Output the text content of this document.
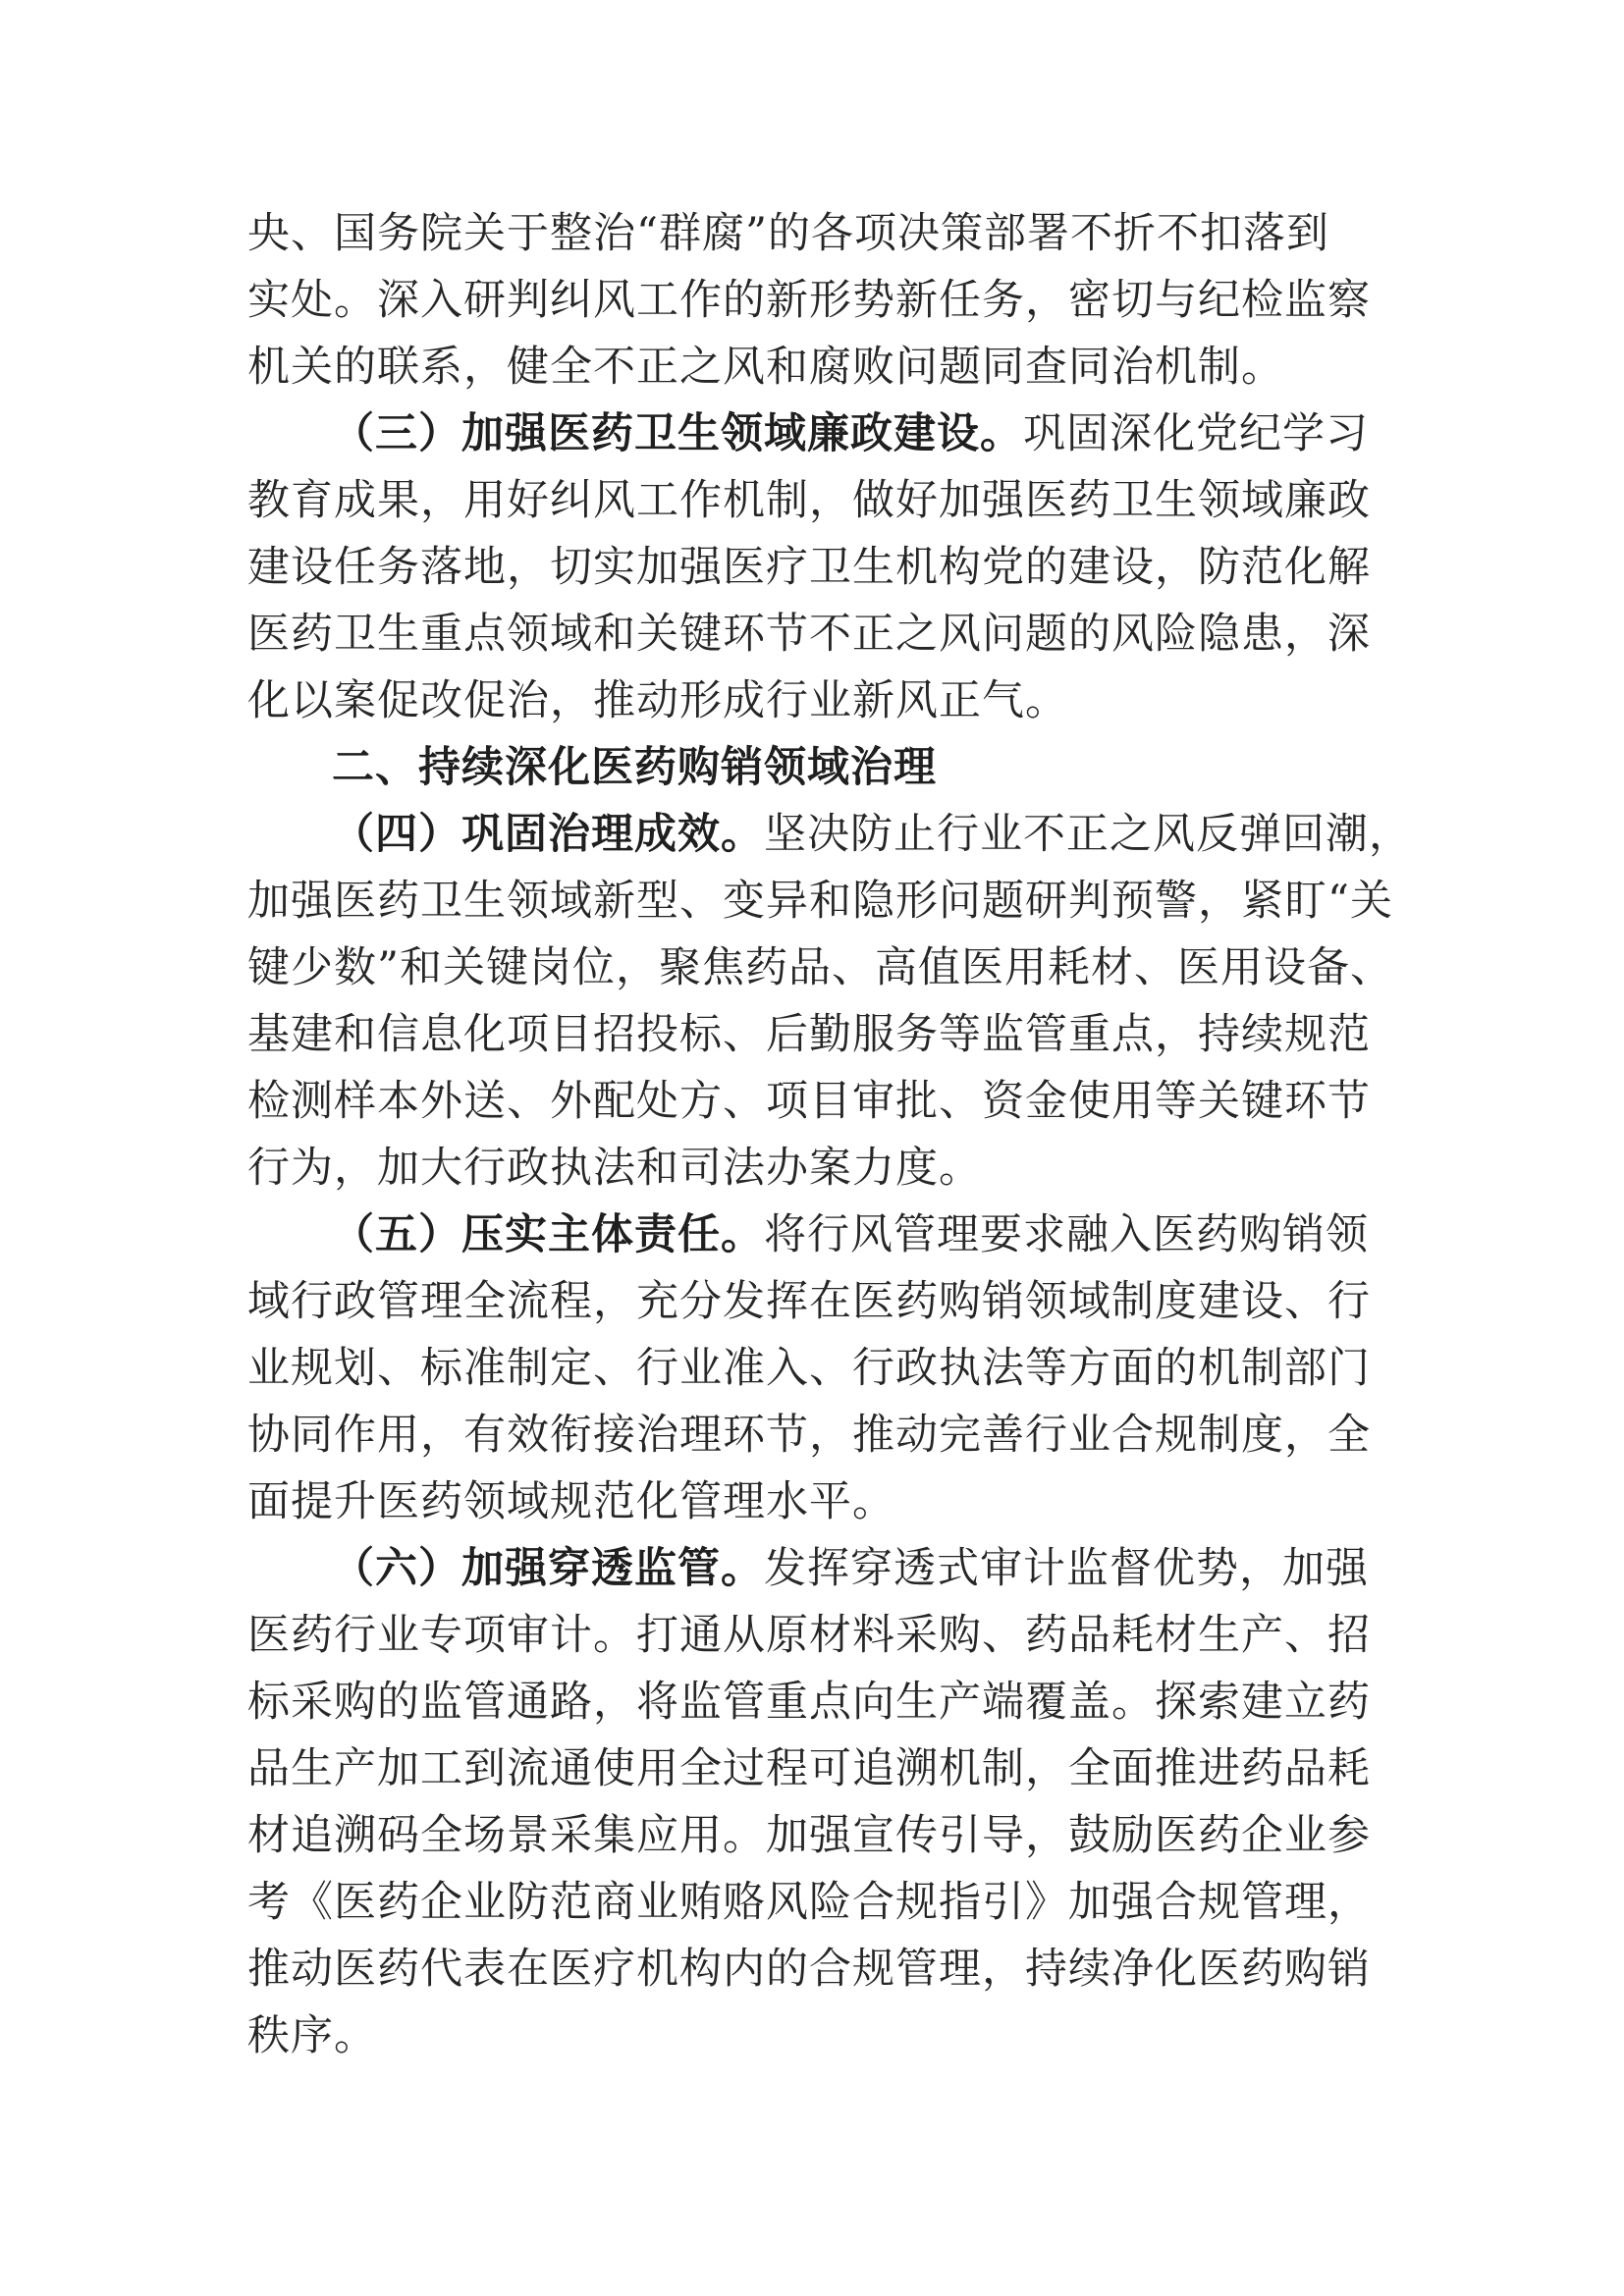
央、国务院关于整治“群腐”的各项决策部署不折不扣落到
实处。深入研判纠风工作的新形势新任务，密切与纪检监察
机关的联系，健全不正之风和腐败问题同查同治机制。
（三）加强医药卫生领域廉政建设。巩固深化党纪学习
教育成果，用好纠风工作机制，做好加强医药卫生领域廉政
建设任务落地，切实加强医疗卫生机构党的建设，防范化解
医药卫生重点领域和关键环节不正之风问题的风险隐患，深
化以案促改促治，推动形成行业新风正气。
二、持续深化医药购销领域治理
（四）巩固治理成效。坚决防止行业不正之风反弹回潮，
加强医药卫生领域新型、变异和隐形问题研判预警，紧盯“关
键少数”和关键岗位，聚焦药品、高值医用耗材、医用设备、
基建和信息化项目招投标、后勤服务等监管重点，持续规范
检测样本外送、外配处方、项目审批、资金使用等关键环节
行为，加大行政执法和司法办案力度。
（五）压实主体责任。将行风管理要求融入医药购销领
域行政管理全流程，充分发挥在医药购销领域制度建设、行
业规划、标准制定、行业准入、行政执法等方面的机制部门
协同作用，有效衔接治理环节，推动完善行业合规制度，全
面提升医药领域规范化管理水平。
（六）加强穿透监管。发挥穿透式审计监督优势，加强
医药行业专项审计。打通从原材料采购、药品耗材生产、招
标采购的监管通路，将监管重点向生产端覆盖。探索建立药
品生产加工到流通使用全过程可追溯机制，全面推进药品耗
材追溯码全场景采集应用。加强宣传引导，鼓励医药企业参
考《医药企业防范商业贿赂风险合规指引》加强合规管理，
推动医药代表在医疗机构内的合规管理，持续净化医药购销
秩序。
